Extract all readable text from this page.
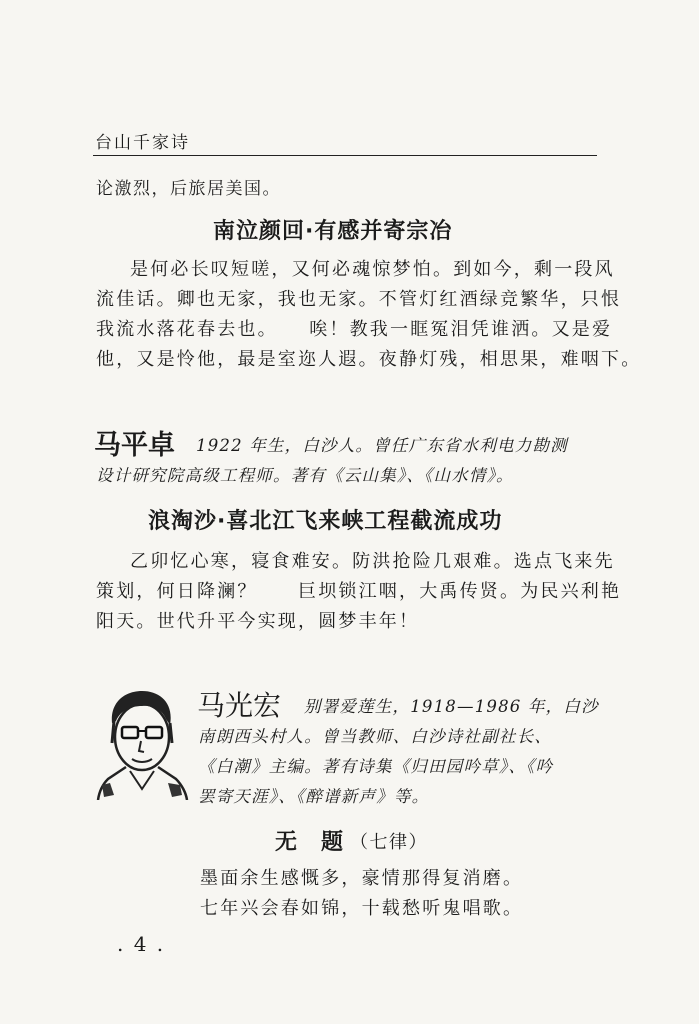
台山千家诗
论激烈，后旅居美国。
南泣颜回·有感并寄宗冶
是何必长叹短嗟，又何必魂惊梦怕。到如今，剩一段风
流佳话。卿也无家，我也无家。不管灯红酒绿竞繁华，只恨
我流水落花春去也。　　唉！教我一眶冤泪凭谁洒。又是爱
他，又是怜他，最是室迩人遐。夜静灯残，相思果，难咽下。
马平卓 1922 年生，白沙人。曾任广东省水利电力勘测
设计研究院高级工程师。著有《云山集》、《山水情》。
浪淘沙·喜北江飞来峡工程截流成功
乙卯忆心寒，寝食难安。防洪抢险几艰难。选点飞来先
策划，何日降澜？　　巨坝锁江咽，大禹传贤。为民兴利艳
阳天。世代升平今实现，圆梦丰年！
马光宏 别署爱莲生，1918—1986 年，白沙
南朗西头村人。曾当教师、白沙诗社副社长、
《白潮》主编。著有诗集《归田园吟草》、《吟
罢寄天涯》、《醉谱新声》等。
无　题 （七律）
墨面余生感慨多，豪情那得复消磨。
七年兴会春如锦，十载愁听鬼唱歌。
. 4 .
